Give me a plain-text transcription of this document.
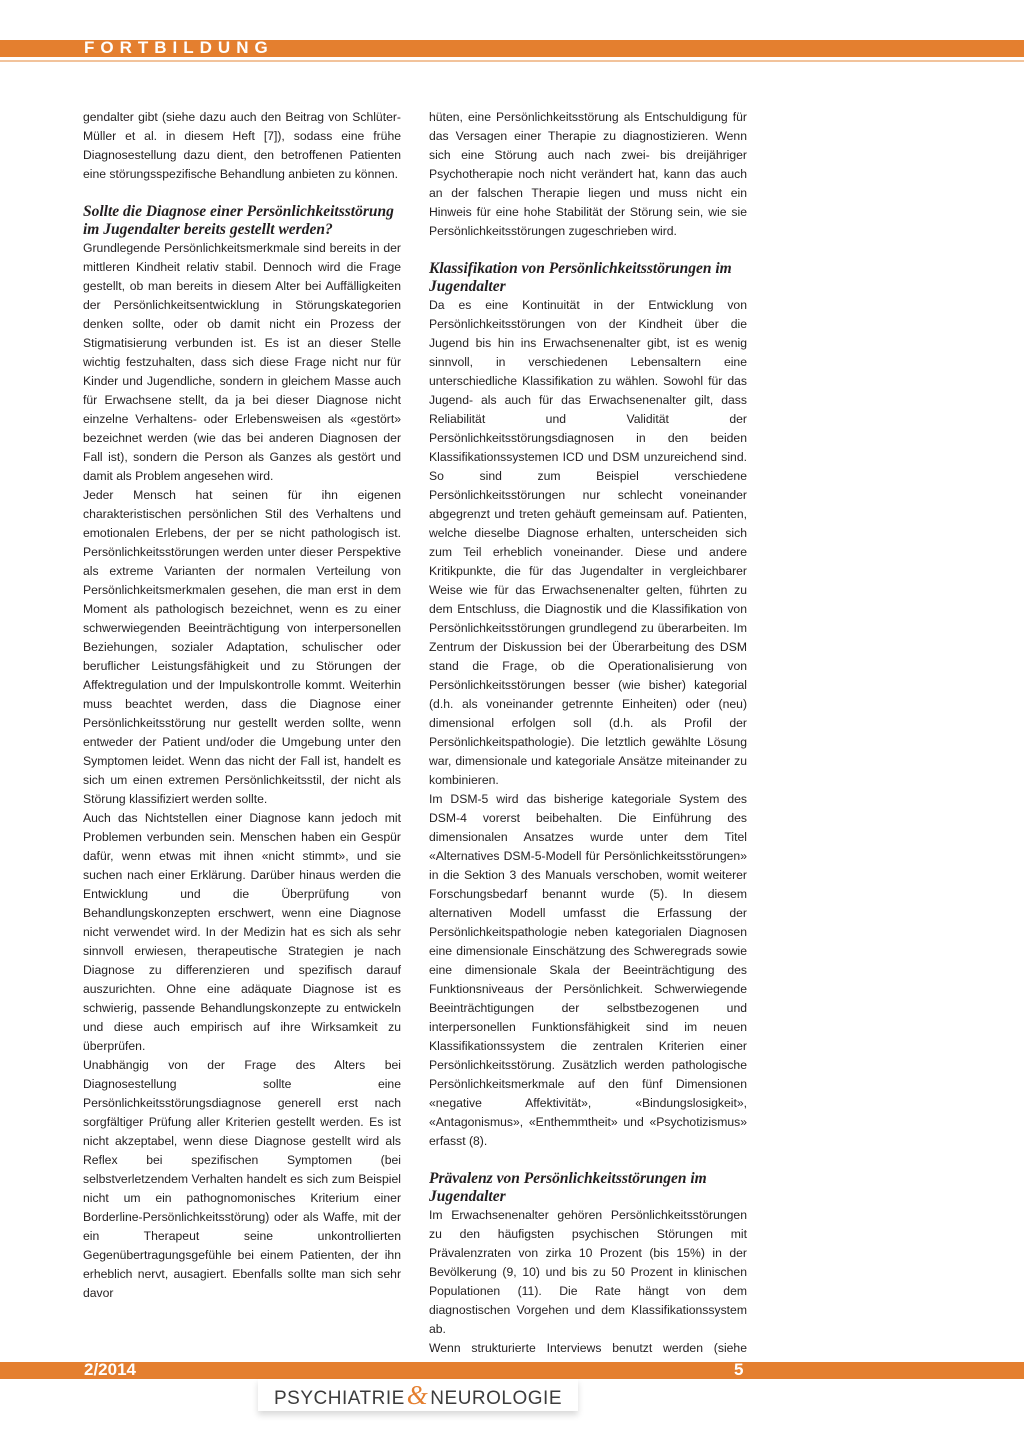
FORTBILDUNG

gendalter gibt (siehe dazu auch den Beitrag von Schlüter-Müller et al. in diesem Heft [7]), sodass eine frühe Diagnosestellung dazu dient, den betroffenen Patienten eine störungsspezifische Behandlung anbieten zu können.

Sollte die Diagnose einer Persönlichkeitsstörung im Jugendalter bereits gestellt werden?

Grundlegende Persönlichkeitsmerkmale sind bereits in der mittleren Kindheit relativ stabil. Dennoch wird die Frage gestellt, ob man bereits in diesem Alter bei Auffälligkeiten der Persönlichkeitsentwicklung in Störungskategorien denken sollte, oder ob damit nicht ein Prozess der Stigmatisierung verbunden ist. Es ist an dieser Stelle wichtig festzuhalten, dass sich diese Frage nicht nur für Kinder und Jugendliche, sondern in gleichem Masse auch für Erwachsene stellt, da ja bei dieser Diagnose nicht einzelne Verhaltens- oder Erlebensweisen als «gestört» bezeichnet werden (wie das bei anderen Diagnosen der Fall ist), sondern die Person als Ganzes als gestört und damit als Problem angesehen wird.

Jeder Mensch hat seinen für ihn eigenen charakteristischen persönlichen Stil des Verhaltens und emotionalen Erlebens, der per se nicht pathologisch ist. Persönlichkeitsstörungen werden unter dieser Perspektive als extreme Varianten der normalen Verteilung von Persönlichkeitsmerkmalen gesehen, die man erst in dem Moment als pathologisch bezeichnet, wenn es zu einer schwerwiegenden Beeinträchtigung von interpersonellen Beziehungen, sozialer Adaptation, schulischer oder beruflicher Leistungsfähigkeit und zu Störungen der Affektregulation und der Impulskontrolle kommt. Weiterhin muss beachtet werden, dass die Diagnose einer Persönlichkeitsstörung nur gestellt werden sollte, wenn entweder der Patient und/oder die Umgebung unter den Symptomen leidet. Wenn das nicht der Fall ist, handelt es sich um einen extremen Persönlichkeitsstil, der nicht als Störung klassifiziert werden sollte.

Auch das Nichtstellen einer Diagnose kann jedoch mit Problemen verbunden sein. Menschen haben ein Gespür dafür, wenn etwas mit ihnen «nicht stimmt», und sie suchen nach einer Erklärung. Darüber hinaus werden die Entwicklung und die Überprüfung von Behandlungskonzepten erschwert, wenn eine Diagnose nicht verwendet wird. In der Medizin hat es sich als sehr sinnvoll erwiesen, therapeutische Strategien je nach Diagnose zu differenzieren und spezifisch darauf auszurichten. Ohne eine adäquate Diagnose ist es schwierig, passende Behandlungskonzepte zu entwickeln und diese auch empirisch auf ihre Wirksamkeit zu überprüfen.

Unabhängig von der Frage des Alters bei Diagnosestellung sollte eine Persönlichkeitsstörungsdiagnose generell erst nach sorgfältiger Prüfung aller Kriterien gestellt werden. Es ist nicht akzeptabel, wenn diese Diagnose gestellt wird als Reflex bei spezifischen Symptomen (bei selbstverletzendem Verhalten handelt es sich zum Beispiel nicht um ein pathognomonisches Kriterium einer Borderline-Persönlichkeitsstörung) oder als Waffe, mit der ein Therapeut seine unkontrollierten Gegenübertragungsgefühle bei einem Patienten, der ihn erheblich nervt, ausagiert. Ebenfalls sollte man sich sehr davor

hüten, eine Persönlichkeitsstörung als Entschuldigung für das Versagen einer Therapie zu diagnostizieren. Wenn sich eine Störung auch nach zwei- bis dreijähriger Psychotherapie noch nicht verändert hat, kann das auch an der falschen Therapie liegen und muss nicht ein Hinweis für eine hohe Stabilität der Störung sein, wie sie Persönlichkeitsstörungen zugeschrieben wird.

Klassifikation von Persönlichkeitsstörungen im Jugendalter

Da es eine Kontinuität in der Entwicklung von Persönlichkeitsstörungen von der Kindheit über die Jugend bis hin ins Erwachsenenalter gibt, ist es wenig sinnvoll, in verschiedenen Lebensaltern eine unterschiedliche Klassifikation zu wählen. Sowohl für das Jugend- als auch für das Erwachsenenalter gilt, dass Reliabilität und Validität der Persönlichkeitsstörungsdiagnosen in den beiden Klassifikationssystemen ICD und DSM unzureichend sind. So sind zum Beispiel verschiedene Persönlichkeitsstörungen nur schlecht voneinander abgegrenzt und treten gehäuft gemeinsam auf. Patienten, welche dieselbe Diagnose erhalten, unterscheiden sich zum Teil erheblich voneinander. Diese und andere Kritikpunkte, die für das Jugendalter in vergleichbarer Weise wie für das Erwachsenenalter gelten, führten zu dem Entschluss, die Diagnostik und die Klassifikation von Persönlichkeitsstörungen grundlegend zu überarbeiten. Im Zentrum der Diskussion bei der Überarbeitung des DSM stand die Frage, ob die Operationalisierung von Persönlichkeitsstörungen besser (wie bisher) kategorial (d.h. als voneinander getrennte Einheiten) oder (neu) dimensional erfolgen soll (d.h. als Profil der Persönlichkeitspathologie). Die letztlich gewählte Lösung war, dimensionale und kategoriale Ansätze miteinander zu kombinieren.

Im DSM-5 wird das bisherige kategoriale System des DSM-4 vorerst beibehalten. Die Einführung des dimensionalen Ansatzes wurde unter dem Titel «Alternatives DSM-5-Modell für Persönlichkeitsstörungen» in die Sektion 3 des Manuals verschoben, womit weiterer Forschungsbedarf benannt wurde (5). In diesem alternativen Modell umfasst die Erfassung der Persönlichkeitspathologie neben kategorialen Diagnosen eine dimensionale Einschätzung des Schweregrads sowie eine dimensionale Skala der Beeinträchtigung des Funktionsniveaus der Persönlichkeit. Schwerwiegende Beeinträchtigungen der selbstbezogenen und interpersonellen Funktionsfähigkeit sind im neuen Klassifikationssystem die zentralen Kriterien einer Persönlichkeitsstörung. Zusätzlich werden pathologische Persönlichkeitsmerkmale auf den fünf Dimensionen «negative Affektivität», «Bindungslosigkeit», «Antagonismus», «Enthemmtheit» und «Psychotizismus» erfasst (8).

Prävalenz von Persönlichkeitsstörungen im Jugendalter

Im Erwachsenenalter gehören Persönlichkeitsstörungen zu den häufigsten psychischen Störungen mit Prävalenzraten von zirka 10 Prozent (bis 15%) in der Bevölkerung (9, 10) und bis zu 50 Prozent in klinischen Populationen (11). Die Rate hängt von dem diagnostischen Vorgehen und dem Klassifikationssystem ab.

Wenn strukturierte Interviews benutzt werden (siehe

2/2014	5
PSYCHIATRIE& NEUROLOGIE
